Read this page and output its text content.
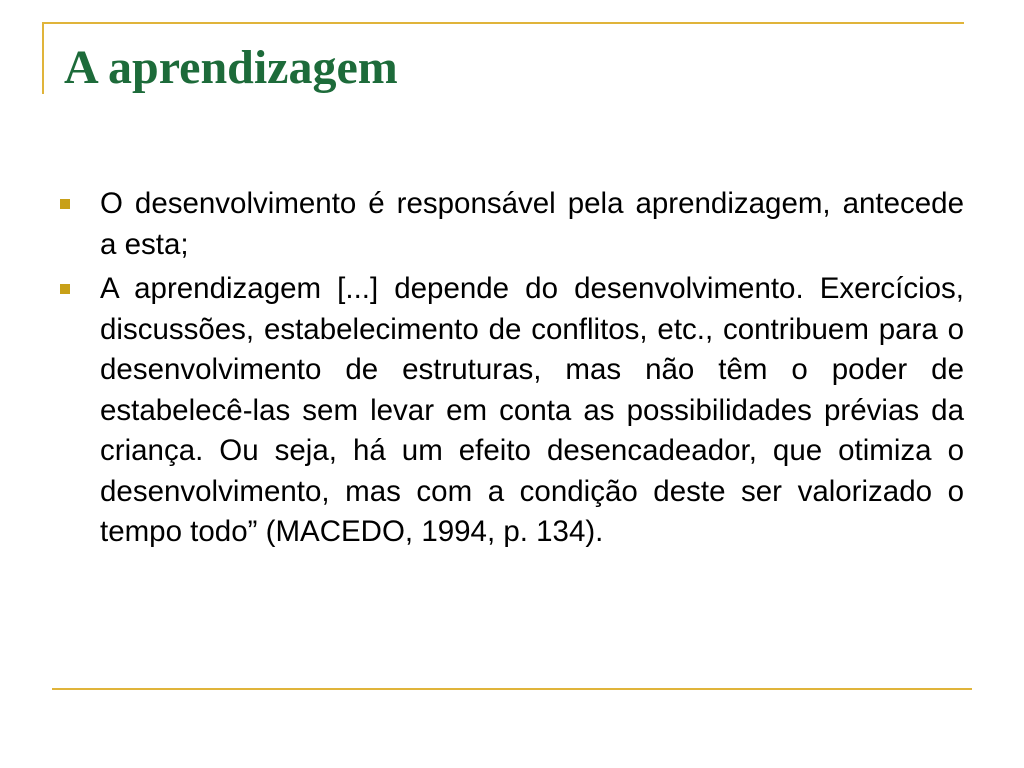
A aprendizagem
O desenvolvimento é responsável pela aprendizagem, antecede a esta;
A aprendizagem [...] depende do desenvolvimento. Exercícios, discussões, estabelecimento de conflitos, etc., contribuem para o desenvolvimento de estruturas, mas não têm o poder de estabelecê-las sem levar em conta as possibilidades prévias da criança. Ou seja, há um efeito desencadeador, que otimiza o desenvolvimento, mas com a condição deste ser valorizado o tempo todo” (MACEDO, 1994, p. 134).
